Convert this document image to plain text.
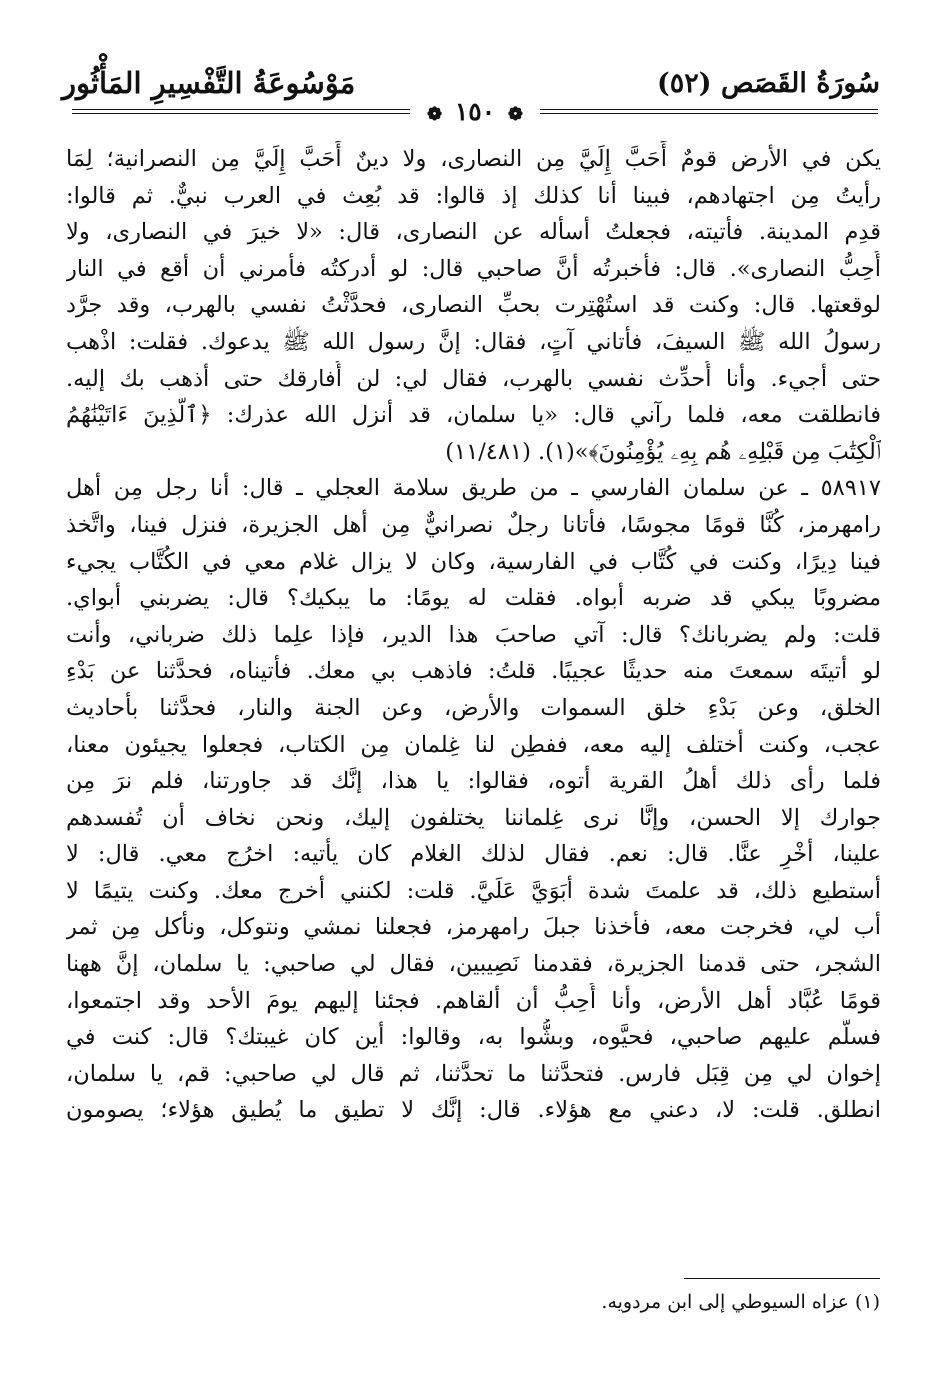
مَوْسُوعَةُ التَّفْسِيرِ المَأْثُور	سُورَةُ القَصَص (٥٢)
❁ ١٥٠ ❁
يكن في الأرض قومٌ أَحَبَّ إِلَيَّ مِن النصارى، ولا دينٌ أَحَبَّ إِلَيَّ مِن النصرانية؛ لِمَا
رأيتُ مِن اجتهادهم، فبينا أنا كذلك إذ قالوا: قد بُعِث في العرب نبيٌّ. ثم قالوا:
قدِم المدينة. فأتيته، فجعلتُ أسأله عن النصارى، قال: «لا خيرَ في النصارى، ولا
أُحِبُّ النصارى». قال: فأخبرتُه أنَّ صاحبي قال: لو أدركتُه فأمرني أن أقع في النار
لوقعتها. قال: وكنت قد استُهْتِرت بحبِّ النصارى، فحدَّثْتُ نفسي بالهرب، وقد جرَّد
رسولُ الله ﷺ السيفَ، فأتاني آتٍ، فقال: إنَّ رسول الله ﷺ يدعوك. فقلت: اذْهب
حتى أجيء. وأنا أُحدِّث نفسي بالهرب، فقال لي: لن أُفارقك حتى أذهب بك إليه.
فانطلقت معه، فلما رآني قال: «يا سلمان، قد أنزل الله عذرك: ﴿ٱلَّذِينَ ءَاتَيْنَٰهُمُ
ٱلْكِتَٰبَ مِن قَبْلِهِۦ هُم بِهِۦ يُؤْمِنُونَ﴾»(١). (١١/٤٨١)
٥٨٩١٧ ـ عن سلمان الفارسي ـ من طريق سلامة العجلي ـ قال: أنا رجل مِن أهل
رامهرمز، كُنَّا قومًا مجوسًا، فأتانا رجلٌ نصرانيٌّ مِن أهل الجزيرة، فنزل فينا، واتَّخذ
فينا دِيرًا، وكنت في كُتَّاب في الفارسية، وكان لا يزال غلام معي في الكُتَّاب يجيء
مضروبًا يبكي قد ضربه أبواه. فقلت له يومًا: ما يبكيك؟ قال: يضربني أبواي.
قلت: ولم يضربانك؟ قال: آتي صاحبَ هذا الدير، فإذا علِما ذلك ضرباني، وأنت
لو أتيتَه سمعتَ منه حديثًا عجيبًا. قلتُ: فاذهب بي معك. فأتيناه، فحدَّثنا عن بَدْءِ
الخلق، وعن بَدْءِ خلق السموات والأرض، وعن الجنة والنار، فحدَّثنا بأحاديث
عجب، وكنت أختلف إليه معه، ففطِن لنا غِلمان مِن الكتاب، فجعلوا يجيئون معنا،
فلما رأى ذلك أهلُ القرية أتوه، فقالوا: يا هذا، إنَّك قد جاورتنا، فلم نرَ مِن
جوارك إلا الحسن، وإنَّا نرى غِلماننا يختلفون إليك، ونحن نخاف أن تُفسدهم
علينا، أخْرِ عنَّا. قال: نعم. فقال لذلك الغلام كان يأتيه: اخرُج معي. قال: لا
أستطيع ذلك، قد علمتَ شدة أبَوَيَّ عَلَيَّ. قلت: لكنني أخرج معك. وكنت يتيمًا لا
أب لي، فخرجت معه، فأخذنا جبلَ رامهرمز، فجعلنا نمشي ونتوكل، ونأكل مِن ثمر
الشجر، حتى قدمنا الجزيرة، فقدمنا نَصِيبين، فقال لي صاحبي: يا سلمان، إنَّ ههنا
قومًا عُبَّاد أهل الأرض، وأنا أُحِبُّ أن ألقاهم. فجئنا إليهم يومَ الأحد وقد اجتمعوا،
فسلَّم عليهم صاحبي، فحيَّوه، وبشُّوا به، وقالوا: أين كان غيبتك؟ قال: كنت في
إخوان لي مِن قِبَل فارس. فتحدَّثنا ما تحدَّثنا، ثم قال لي صاحبي: قم، يا سلمان،
انطلق. قلت: لا، دعني مع هؤلاء. قال: إنَّك لا تطيق ما يُطيق هؤلاء؛ يصومون
(١) عزاه السيوطي إلى ابن مردويه.
